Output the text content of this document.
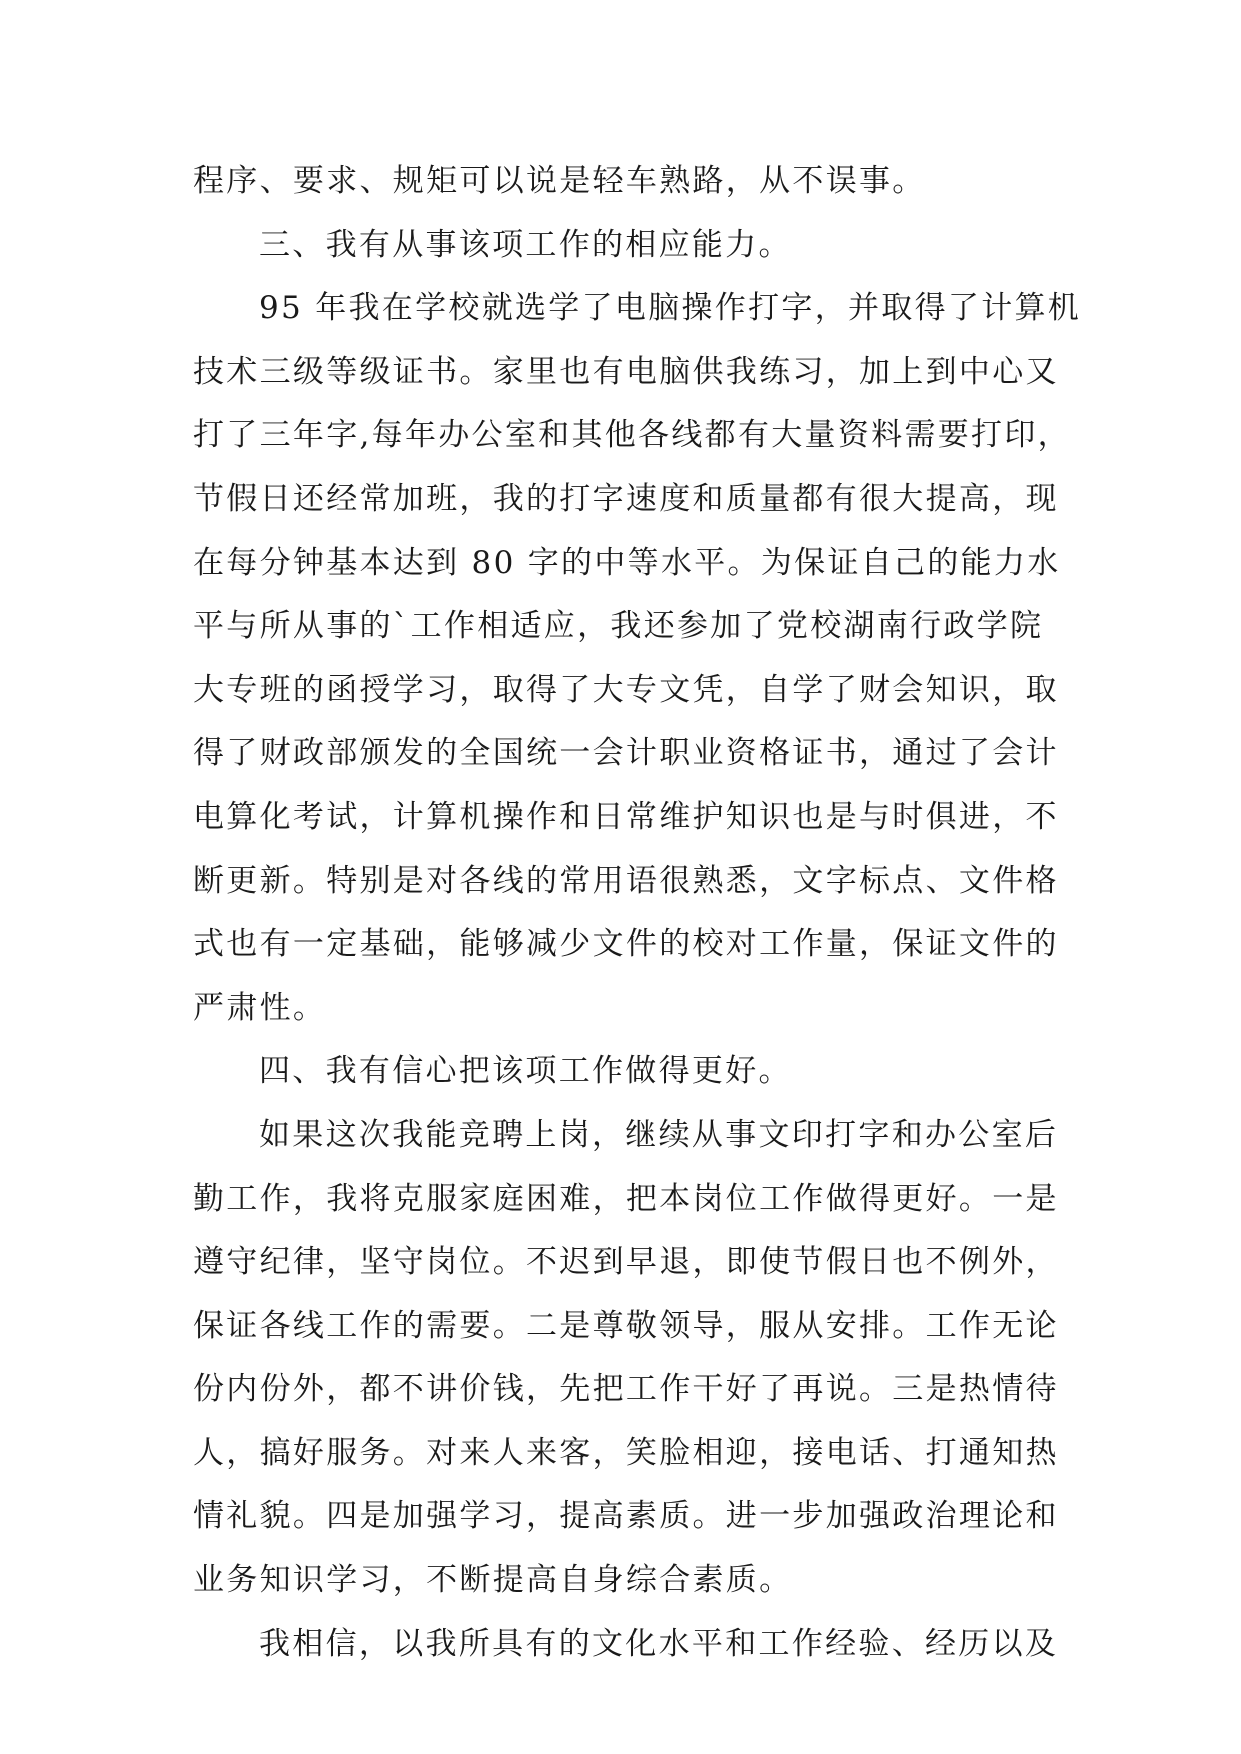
程序、要求、规矩可以说是轻车熟路，从不误事。
三、我有从事该项工作的相应能力。
95 年我在学校就选学了电脑操作打字，并取得了计算机
技术三级等级证书。家里也有电脑供我练习，加上到中心又
打了三年字,每年办公室和其他各线都有大量资料需要打印，
节假日还经常加班，我的打字速度和质量都有很大提高，现
在每分钟基本达到 80 字的中等水平。为保证自己的能力水
平与所从事的`工作相适应，我还参加了党校湖南行政学院
大专班的函授学习，取得了大专文凭，自学了财会知识，取
得了财政部颁发的全国统一会计职业资格证书，通过了会计
电算化考试，计算机操作和日常维护知识也是与时俱进，不
断更新。特别是对各线的常用语很熟悉，文字标点、文件格
式也有一定基础，能够减少文件的校对工作量，保证文件的
严肃性。
四、我有信心把该项工作做得更好。
如果这次我能竞聘上岗，继续从事文印打字和办公室后
勤工作，我将克服家庭困难，把本岗位工作做得更好。一是
遵守纪律，坚守岗位。不迟到早退，即使节假日也不例外，
保证各线工作的需要。二是尊敬领导，服从安排。工作无论
份内份外，都不讲价钱，先把工作干好了再说。三是热情待
人，搞好服务。对来人来客，笑脸相迎，接电话、打通知热
情礼貌。四是加强学习，提高素质。进一步加强政治理论和
业务知识学习，不断提高自身综合素质。
我相信，以我所具有的文化水平和工作经验、经历以及
